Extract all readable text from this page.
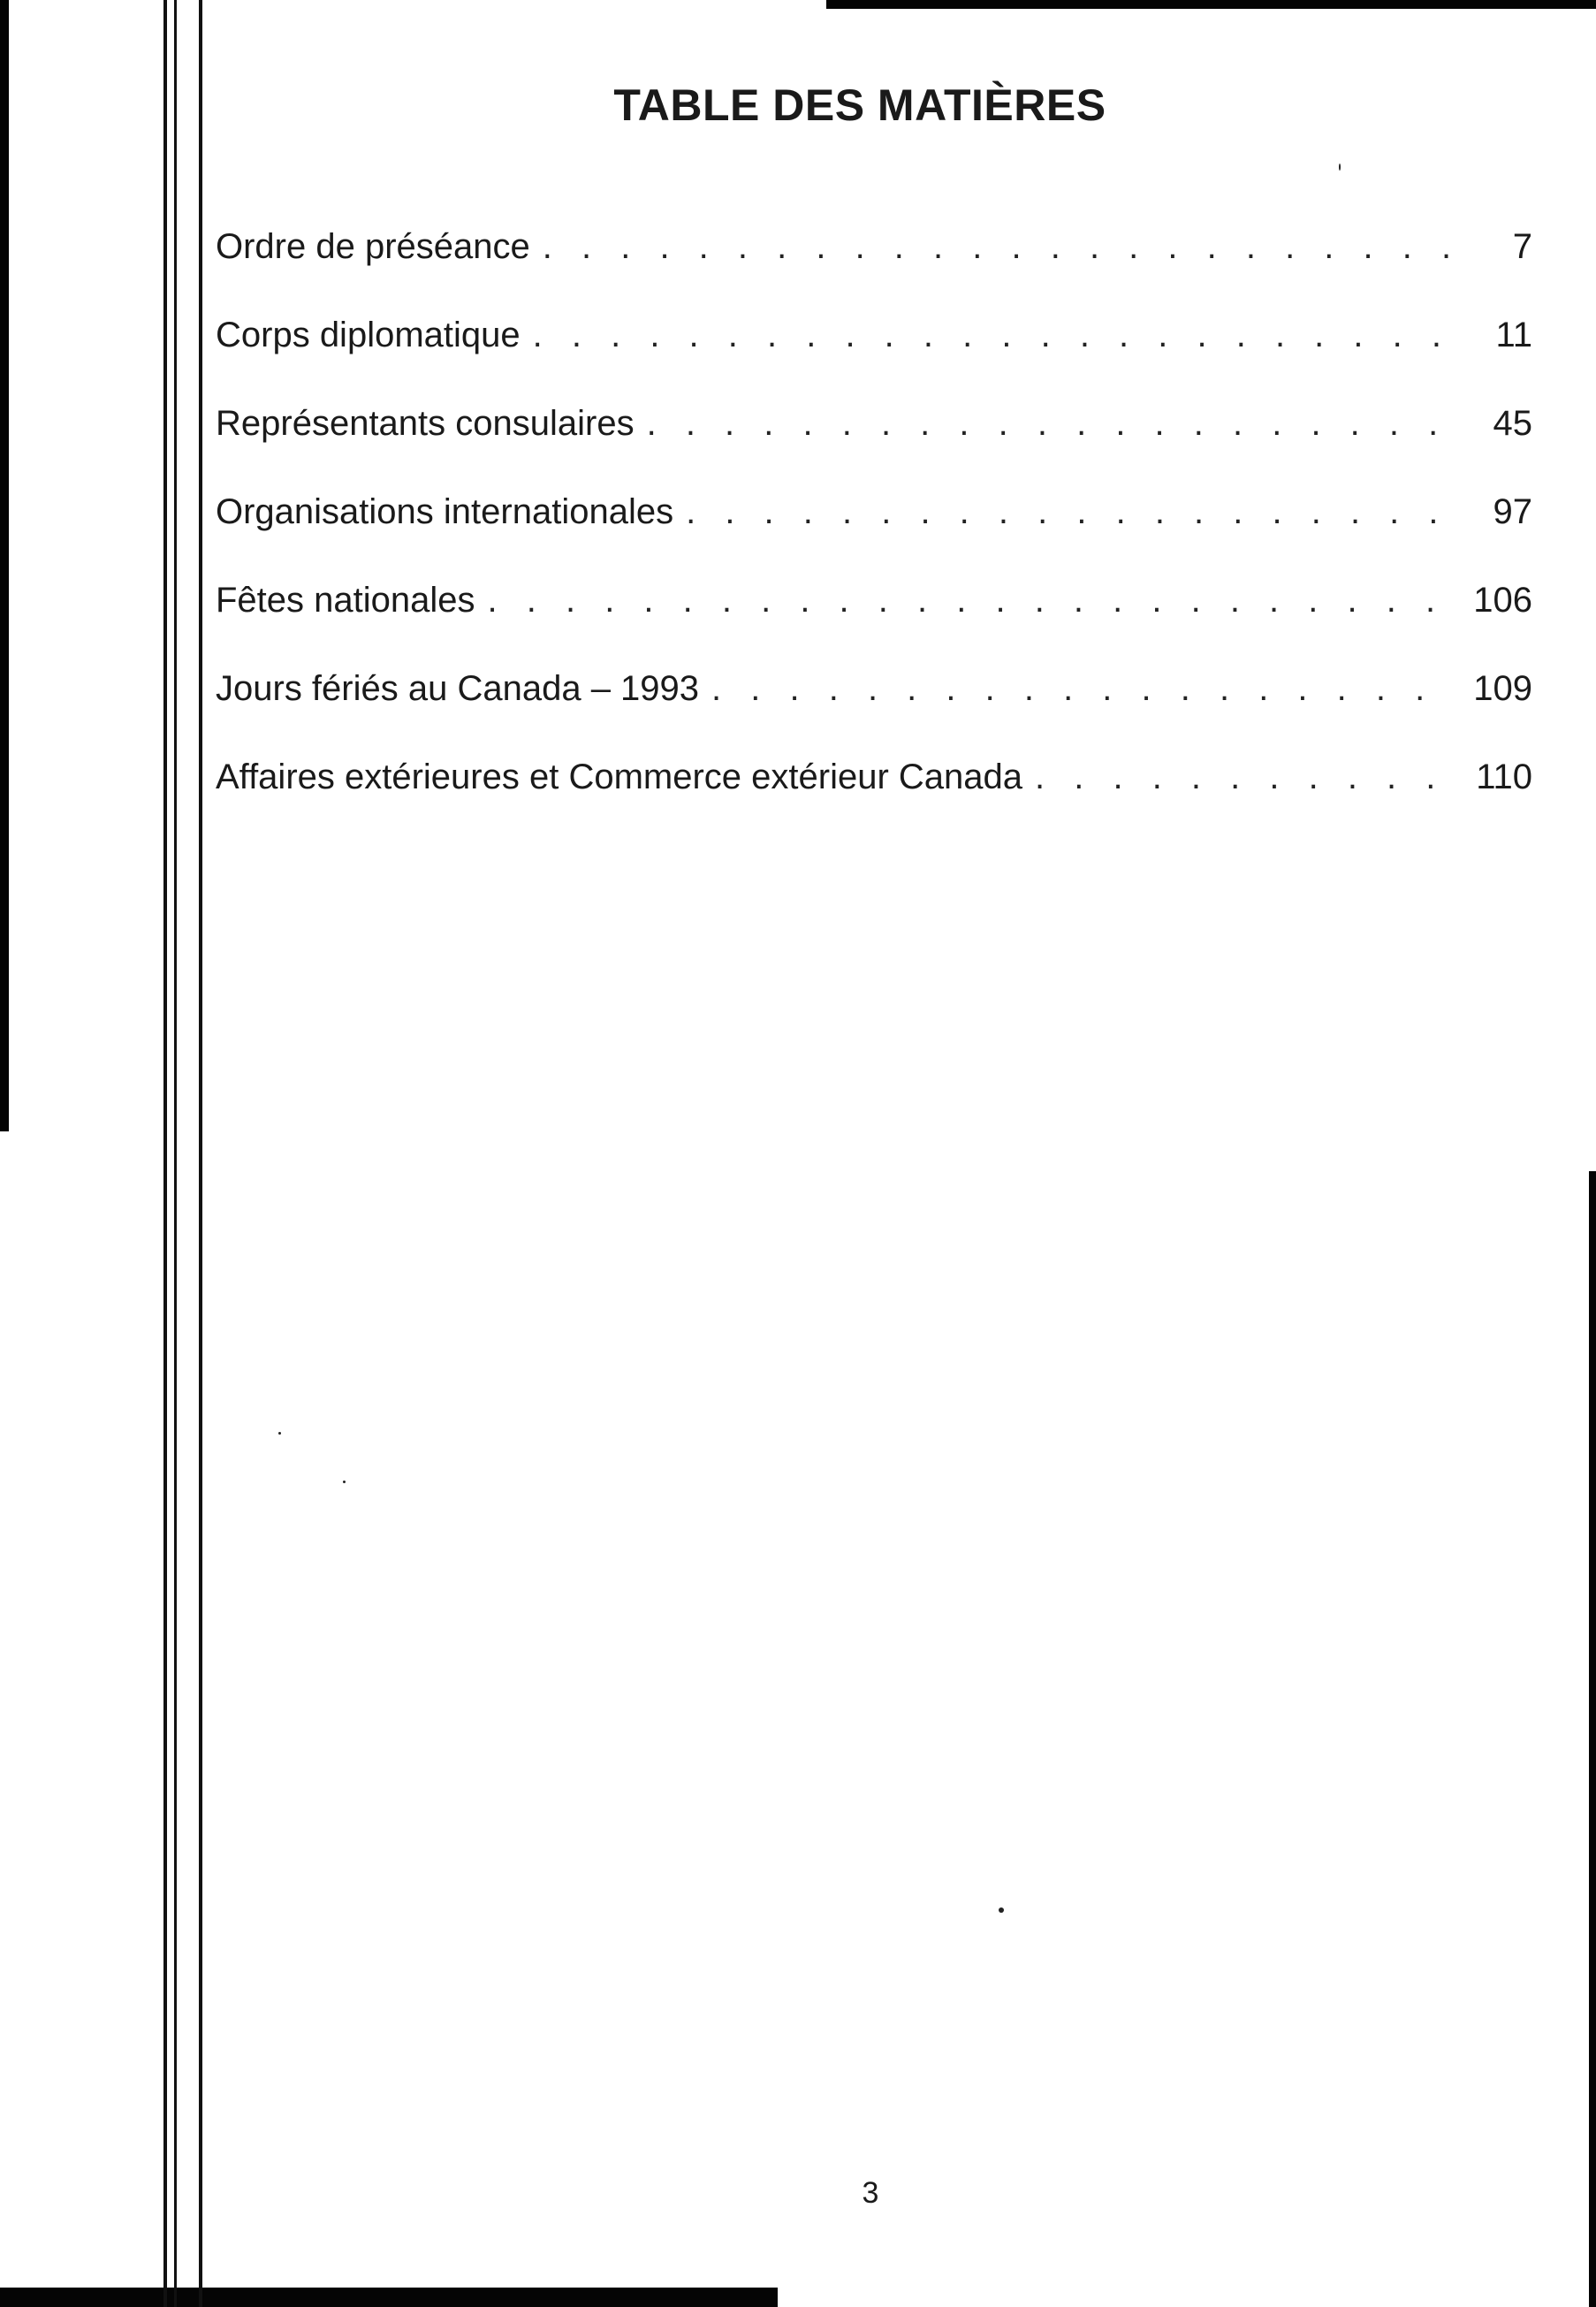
TABLE DES MATIÈRES
Ordre de préséance . . .	7
Corps diplomatique . . .	11
Représentants consulaires . . .	45
Organisations internationales . . .	97
Fêtes nationales . . .	106
Jours fériés au Canada – 1993 . . .	109
Affaires extérieures et Commerce extérieur Canada . . .	110

3
